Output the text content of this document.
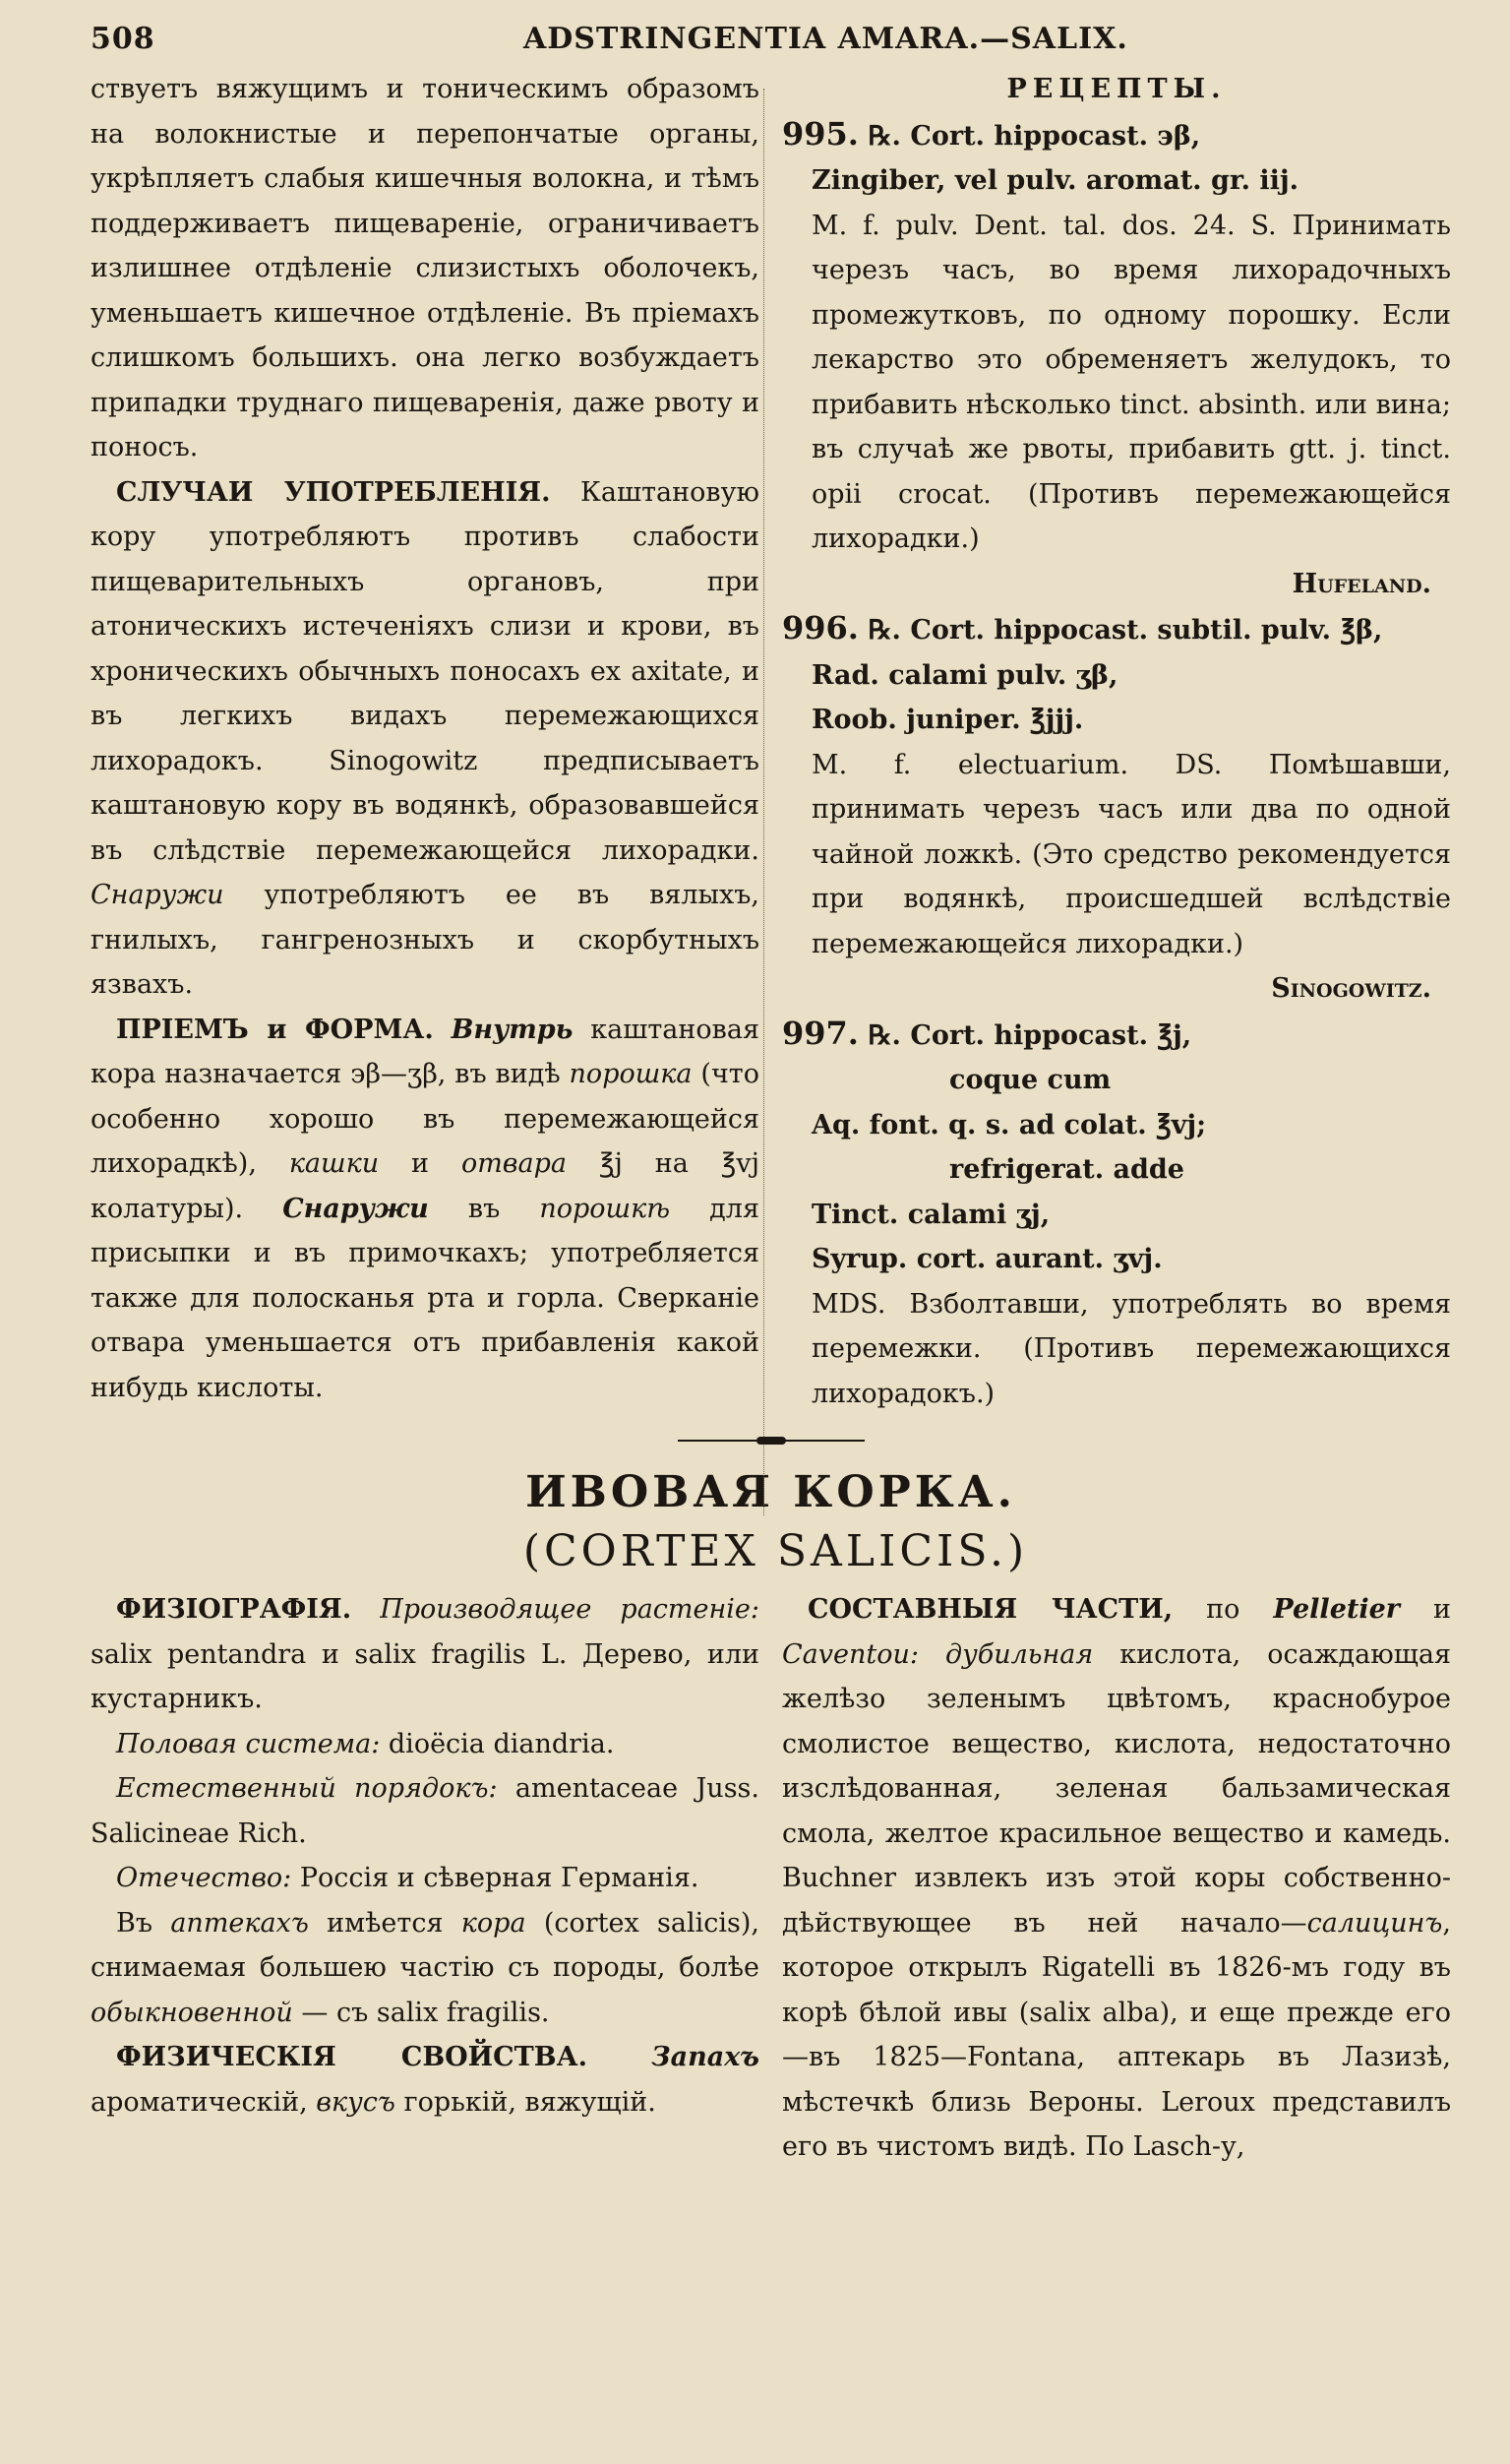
508	ADSTRINGENTIA AMARA.—SALIX.

ствуетъ вяжущимъ и тоническимъ образомъ на волокнистые и перепончатые органы, укрѣпляетъ слабыя кишечныя волокна, и тѣмъ поддерживаетъ пищевареніе, ограничиваетъ излишнее отдѣленіе слизистыхъ оболочекъ, уменьшаетъ кишечное отдѣленіе. Въ пріемахъ слишкомъ большихъ. она легко возбуждаетъ припадки труднаго пищеваренія, даже рвоту и поносъ.

СЛУЧАИ УПОТРЕБЛЕНІЯ. Каштановую кору употребляютъ противъ слабости пищеварительныхъ органовъ, при атоническихъ истеченіяхъ слизи и крови, въ хроническихъ обычныхъ поносахъ ex axitate, и въ легкихъ видахъ перемежающихся лихорадокъ. Sinogowitz предписываетъ каштановую кору въ водянкѣ, образовавшейся въ слѣдствіе перемежающейся лихорадки. Снаружи употребляютъ ее въ вялыхъ, гнилыхъ, гангренозныхъ и скорбутныхъ язвахъ.

ПРІЕМЪ и ФОРМА. Внутрь каштановая кора назначается ϶β—ʒβ, въ видѣ порошка (что особенно хорошо въ перемежающейся лихорадкѣ), кашки и отвара ℥j на ℥vj колатуры). Снаружи въ порошкѣ для присыпки и въ примочкахъ; употребляется также для полосканья рта и горла. Сверканіе отвара уменьшается отъ прибавленія какой нибудь кислоты.

РЕЦЕПТЫ.

995. ℞. Cort. hippocast. ϶β,

Zingiber, vel pulv. aromat. gr. iij.

M. f. pulv. Dent. tal. dos. 24. S. Принимать черезъ часъ, во время лихорадочныхъ промежутковъ, по одному порошку. Если лекарство это обременяетъ желудокъ, то прибавить нѣсколько tinct. absinth. или вина; въ случаѣ же рвоты, прибавить gtt. j. tinct. opii crocat. (Противъ перемежающейся лихорадки.)

Hufeland.

996. ℞. Cort. hippocast. subtil. pulv. ℥β,

Rad. calami pulv. ʒβ,

Roob. juniper. ℥jjj.

M. f. electuarium. DS. Помѣшавши, принимать черезъ часъ или два по одной чайной ложкѣ. (Это средство рекомендуется при водянкѣ, происшедшей вслѣдствіе перемежающейся лихорадки.)

Sinogowitz.

997. ℞. Cort. hippocast. ℥j,

coque cum

Aq. font. q. s. ad colat. ℥vj;

refrigerat. adde

Tinct. calami ʒj,

Syrup. cort. aurant. ʒvj.

MDS. Взболтавши, употреблять во время перемежки. (Противъ перемежающихся лихорадокъ.)

ИВОВАЯ КОРКА.
(CORTEX SALICIS.)

ФИЗІОГРАФІЯ. Производящее растеніе: salix pentandra и salix fragilis L. Дерево, или кустарникъ.

Половая система: dioëcia diandria.

Естественный порядокъ: amentaceae Juss. Salicineae Rich.

Отечество: Россія и сѣверная Германія.

Въ аптекахъ имѣется кора (cortex salicis), снимаемая большею частію съ породы, болѣе обыкновенной — съ salix fragilis.

ФИЗИЧЕСКІЯ СВОЙСТВА. Запахъ ароматическій, вкусъ горькій, вяжущій.

СОСТАВНЫЯ ЧАСТИ, по Pelletier и Caventou: дубильная кислота, осаждающая желѣзо зеленымъ цвѣтомъ, краснобурое смолистое вещество, кислота, недостаточно изслѣдованная, зеленая бальзамическая смола, желтое красильное вещество и камедь. Buchner извлекъ изъ этой коры собственно-дѣйствующее въ ней начало—салицинъ, которое открылъ Rigatelli въ 1826-мъ году въ корѣ бѣлой ивы (salix alba), и еще прежде его—въ 1825—Fontana, аптекарь въ Лазизѣ, мѣстечкѣ близь Вероны. Leroux представилъ его въ чистомъ видѣ. По Lasch-у,
